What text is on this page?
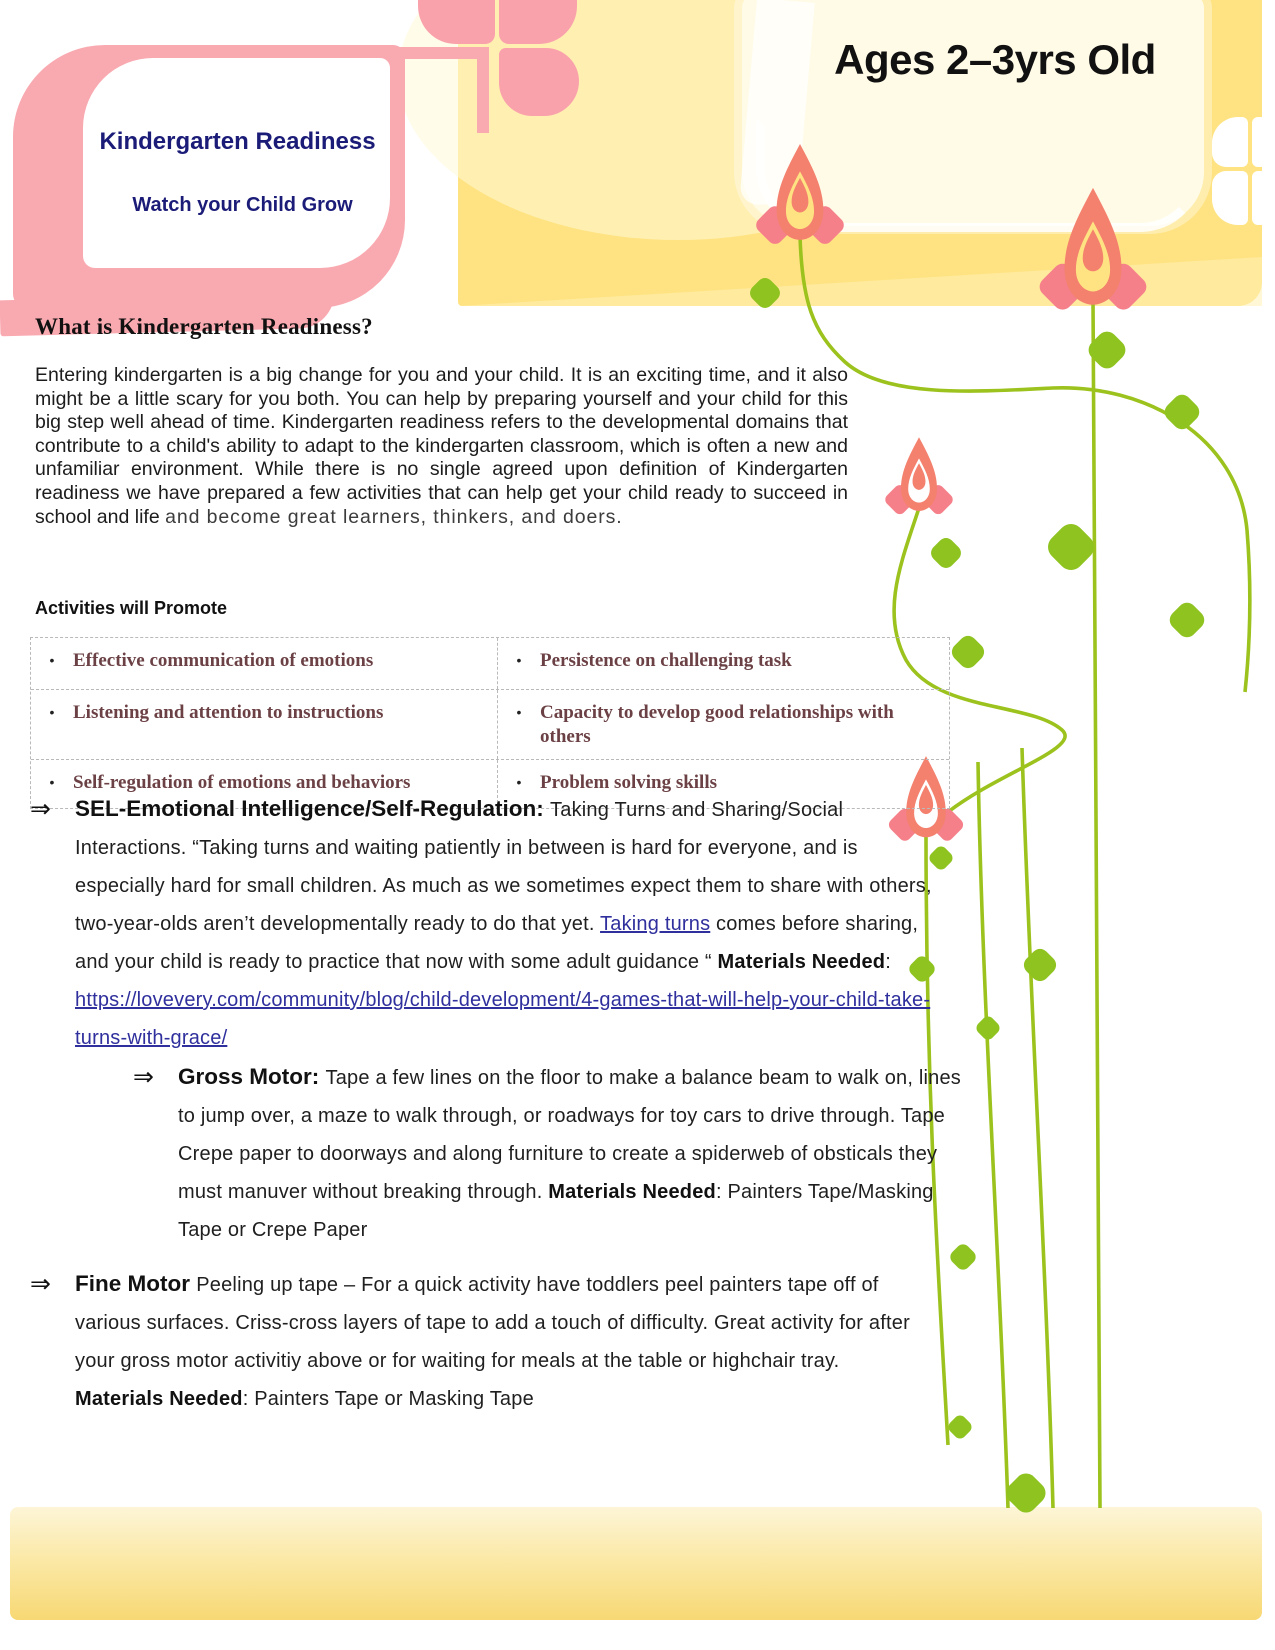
Ages 2–3yrs Old
Kindergarten Readiness
Watch your Child Grow
What is Kindergarten Readiness?
Entering kindergarten is a big change for you and your child. It is an exciting time, and it also might be a little scary for you both. You can help by preparing yourself and your child for this big step well ahead of time. Kindergarten readiness refers to the developmental domains that contribute to a child's ability to adapt to the kindergarten classroom, which is often a new and unfamiliar environment. While there is no single agreed upon definition of Kindergarten readiness we have prepared a few activities that can help get your child ready to succeed in school and life and become great learners, thinkers, and doers.
Activities will Promote
• Effective communication of emotions	• Persistence on challenging task
• Listening and attention to instructions	• Capacity to develop good relationships with others
• Self-regulation of emotions and behaviors	• Problem solving skills
⇒	SEL-Emotional Intelligence/Self-Regulation: Taking Turns and Sharing/Social Interactions. “Taking turns and waiting patiently in between is hard for everyone, and is especially hard for small children. As much as we sometimes expect them to share with others, two-year-olds aren’t developmentally ready to do that yet. Taking turns comes before sharing, and your child is ready to practice that now with some adult guidance “ Materials Needed: https://lovevery.com/community/blog/child-development/4-games-that-will-help-your-child-take-turns-with-grace/
⇒	Gross Motor: Tape a few lines on the floor to make a balance beam to walk on, lines to jump over, a maze to walk through, or roadways for toy cars to drive through. Tape Crepe paper to doorways and along furniture to create a spiderweb of obsticals they must manuver without breaking through. Materials Needed: Painters Tape/Masking Tape or Crepe Paper
⇒	Fine Motor Peeling up tape – For a quick activity have toddlers peel painters tape off of various surfaces. Criss-cross layers of tape to add a touch of difficulty. Great activity for after your gross motor activitiy above or for waiting for meals at the table or highchair tray. Materials Needed: Painters Tape or Masking Tape
